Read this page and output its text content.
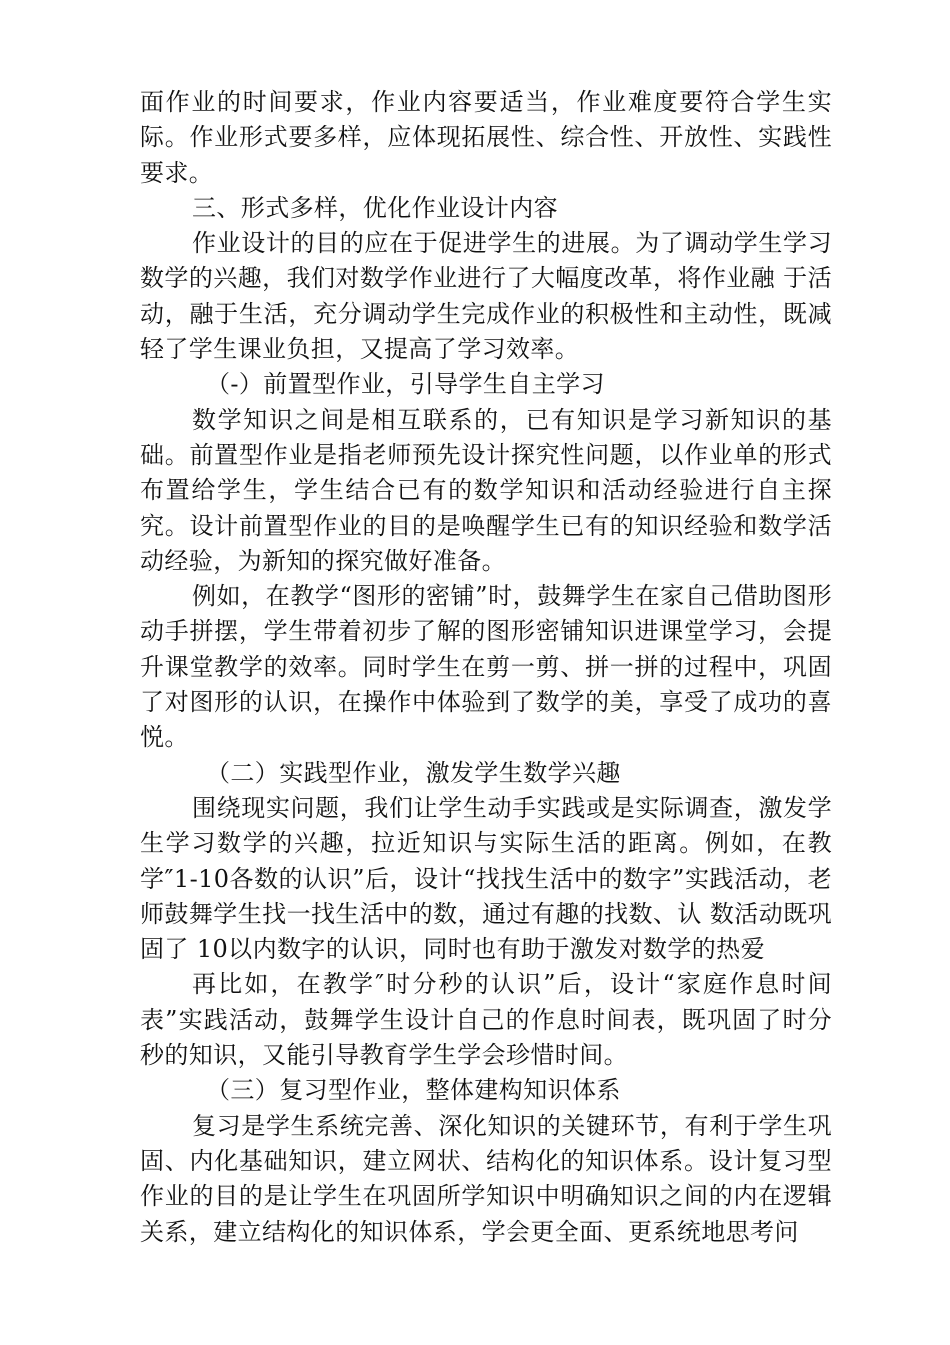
面作业的时间要求，作业内容要适当，作业难度要符合学生实际。作业形式要多样，应体现拓展性、综合性、开放性、实践性要求。

三、形式多样，优化作业设计内容

作业设计的目的应在于促进学生的进展。为了调动学生学习数学的兴趣，我们对数学作业进行了大幅度改革，将作业融 于活动，融于生活，充分调动学生完成作业的积极性和主动性，既减轻了学生课业负担，又提高了学习效率。

（-）前置型作业，引导学生自主学习

数学知识之间是相互联系的，已有知识是学习新知识的基础。前置型作业是指老师预先设计探究性问题，以作业单的形式布置给学生，学生结合已有的数学知识和活动经验进行自主探究。设计前置型作业的目的是唤醒学生已有的知识经验和数学活动经验，为新知的探究做好准备。

例如，在教学“图形的密铺”时，鼓舞学生在家自己借助图形动手拼摆，学生带着初步了解的图形密铺知识进课堂学习，会提升课堂教学的效率。同时学生在剪一剪、拼一拼的过程中，巩固了对图形的认识，在操作中体验到了数学的美，享受了成功的喜悦。

（二）实践型作业，激发学生数学兴趣

围绕现实问题，我们让学生动手实践或是实际调查，激发学生学习数学的兴趣，拉近知识与实际生活的距离。例如，在教学″1-10各数的认识”后，设计“找找生活中的数字”实践活动，老师鼓舞学生找一找生活中的数，通过有趣的找数、认 数活动既巩固了 10以内数字的认识，同时也有助于激发对数学的热爱

再比如，在教学″时分秒的认识”后，设计“家庭作息时间表”实践活动，鼓舞学生设计自己的作息时间表，既巩固了时分秒的知识，又能引导教育学生学会珍惜时间。

（三）复习型作业，整体建构知识体系

复习是学生系统完善、深化知识的关键环节，有利于学生巩固、内化基础知识，建立网状、结构化的知识体系。设计复习型作业的目的是让学生在巩固所学知识中明确知识之间的内在逻辑关系，建立结构化的知识体系，学会更全面、更系统地思考问
